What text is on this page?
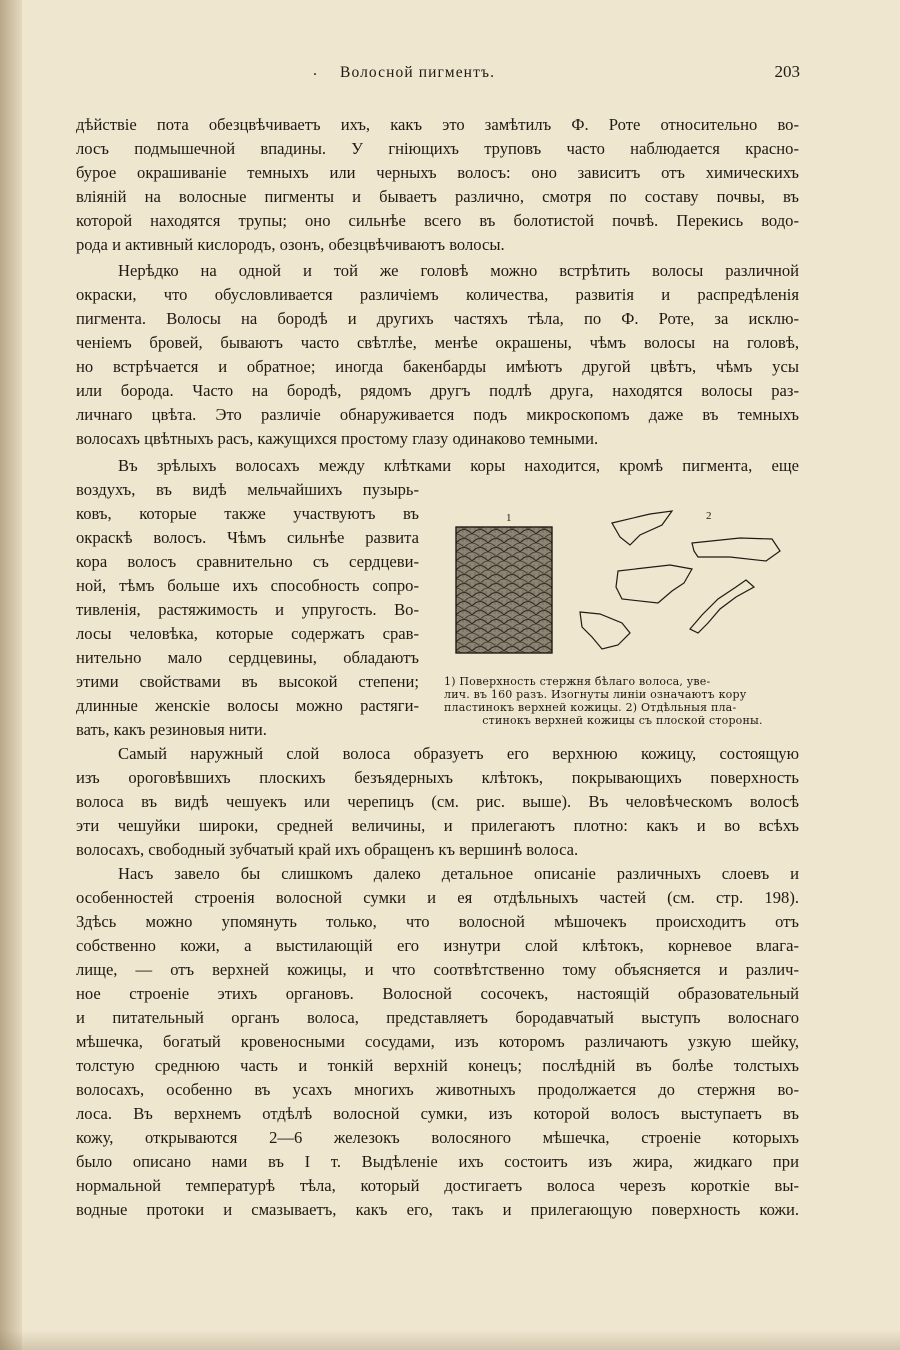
. Волосной пигментъ.	203
дѣйствіе пота обезцвѣчиваетъ ихъ, какъ это замѣтилъ Ф. Роте относительно во-
лосъ подмышечной впадины. У гніющихъ труповъ часто наблюдается красно-
бурое окрашиваніе темныхъ или черныхъ волосъ: оно зависитъ отъ химическихъ
вліяній на волосные пигменты и бываетъ различно, смотря по составу почвы, въ
которой находятся трупы; оно сильнѣе всего въ болотистой почвѣ. Перекись водо-
рода и активный кислородъ, озонъ, обезцвѣчиваютъ волосы.
Нерѣдко на одной и той же головѣ можно встрѣтить волосы различной
окраски, что обусловливается различіемъ количества, развитія и распредѣленія
пигмента. Волосы на бородѣ и другихъ частяхъ тѣла, по Ф. Роте, за исклю-
ченіемъ бровей, бываютъ часто свѣтлѣе, менѣе окрашены, чѣмъ волосы на головѣ,
но встрѣчается и обратное; иногда бакенбарды имѣютъ другой цвѣтъ, чѣмъ усы
или борода. Часто на бородѣ, рядомъ другъ подлѣ друга, находятся волосы раз-
личнаго цвѣта. Это различіе обнаруживается подъ микроскопомъ даже въ темныхъ
волосахъ цвѣтныхъ расъ, кажущихся простому глазу одинаково темными.
Въ зрѣлыхъ волосахъ между клѣтками коры находится, кромѣ пигмента, еще
воздухъ, въ видѣ мельчайшихъ пузырь-
ковъ, которые также участвуютъ въ
окраскѣ волосъ. Чѣмъ сильнѣе развита
кора волосъ сравнительно съ сердцеви-
ной, тѣмъ больше ихъ способность сопро-
тивленія, растяжимость и упругость. Во-
лосы человѣка, которые содержатъ срав-
нительно мало сердцевины, обладаютъ
этими свойствами въ высокой степени;
длинные женскіе волосы можно растяги-
вать, какъ резиновыя нити.
Самый наружный слой волоса образуетъ его верхнюю кожицу, состоящую
изъ ороговѣвшихъ плоскихъ безъядерныхъ клѣтокъ, покрывающихъ поверхность
волоса въ видѣ чешуекъ или черепицъ (см. рис. выше). Въ человѣческомъ волосѣ
эти чешуйки широки, средней величины, и прилегаютъ плотно: какъ и во всѣхъ
волосахъ, свободный зубчатый край ихъ обращенъ къ вершинѣ волоса.
Насъ завело бы слишкомъ далеко детальное описаніе различныхъ слоевъ и
особенностей строенія волосной сумки и ея отдѣльныхъ частей (см. стр. 198).
Здѣсь можно упомянуть только, что волосной мѣшочекъ происходитъ отъ
собственно кожи, а выстилающій его изнутри слой клѣтокъ, корневое влага-
лище, — отъ верхней кожицы, и что соотвѣтственно тому объясняется и различ-
ное строеніе этихъ органовъ. Волосной сосочекъ, настоящій образовательный
и питательный органъ волоса, представляетъ бородавчатый выступъ волоснаго
мѣшечка, богатый кровеносными сосудами, изъ которомъ различаютъ узкую шейку,
толстую среднюю часть и тонкій верхній конецъ; послѣдній въ болѣе толстыхъ
волосахъ, особенно въ усахъ многихъ животныхъ продолжается до стержня во-
лоса. Въ верхнемъ отдѣлѣ волосной сумки, изъ которой волосъ выступаетъ въ
кожу, открываются 2—6 железокъ волосяного мѣшечка, строеніе которыхъ
было описано нами въ I т. Выдѣленіе ихъ состоитъ изъ жира, жидкаго при
нормальной температурѣ тѣла, который достигаетъ волоса черезъ короткіе вы-
водные протоки и смазываетъ, какъ его, такъ и прилегающую поверхность кожи.
1	2
1) Поверхность стержня бѣлаго волоса, уве-
лич. въ 160 разъ. Изогнуты линіи означаютъ кору
пластинокъ верхней кожицы. 2) Отдѣльныя пла-
стинокъ верхней кожицы съ плоской стороны.
